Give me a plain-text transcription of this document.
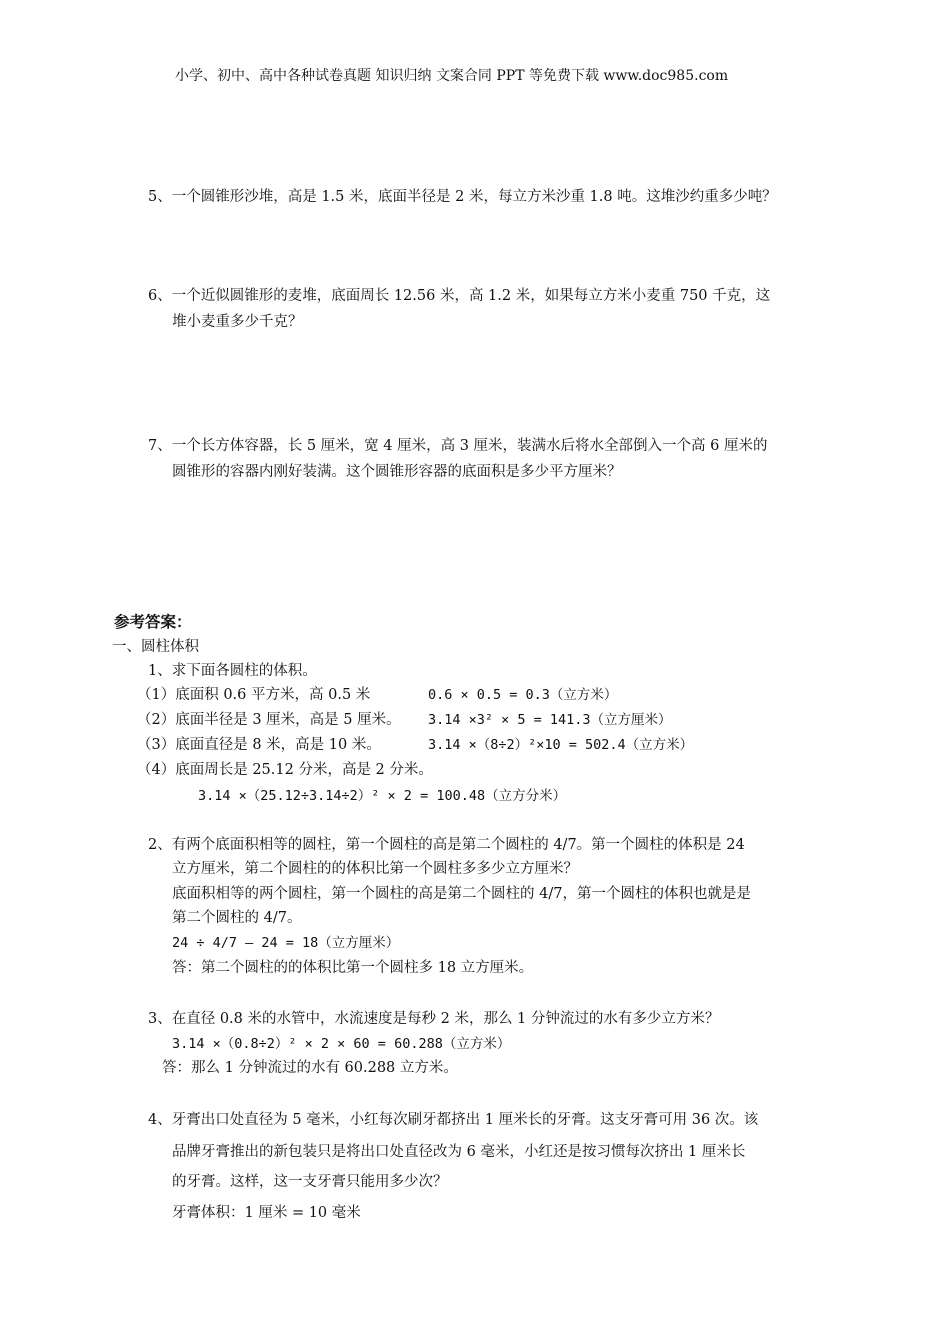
小学、初中、高中各种试卷真题 知识归纳 文案合同 PPT 等免费下载 www.doc985.com
5、一个圆锥形沙堆，高是 1.5 米，底面半径是 2 米，每立方米沙重 1.8 吨。这堆沙约重多少吨？
6、一个近似圆锥形的麦堆，底面周长 12.56 米，高 1.2 米，如果每立方米小麦重 750 千克，这
堆小麦重多少千克？
7、一个长方体容器，长 5 厘米，宽 4 厘米，高 3 厘米，装满水后将水全部倒入一个高 6 厘米的
圆锥形的容器内刚好装满。这个圆锥形容器的底面积是多少平方厘米？
参考答案：
一、圆柱体积
1、求下面各圆柱的体积。
（1）底面积 0.6 平方米，高 0.5 米	0.6 × 0.5 = 0.3（立方米）
（2）底面半径是 3 厘米，高是 5 厘米。 3.14 ×3² × 5 = 141.3（立方厘米）
（3）底面直径是 8 米，高是 10 米。	3.14 ×（8÷2）²×10 = 502.4（立方米）
（4）底面周长是 25.12 分米，高是 2 分米。
3.14 ×（25.12÷3.14÷2）² × 2 = 100.48（立方分米）
2、有两个底面积相等的圆柱，第一个圆柱的高是第二个圆柱的 4/7。第一个圆柱的体积是 24
立方厘米，第二个圆柱的的体积比第一个圆柱多多少立方厘米？
底面积相等的两个圆柱，第一个圆柱的高是第二个圆柱的 4/7，第一个圆柱的体积也就是是
第二个圆柱的 4/7。
24 ÷ 4/7 – 24 = 18（立方厘米）
答：第二个圆柱的的体积比第一个圆柱多 18 立方厘米。
3、在直径 0.8 米的水管中，水流速度是每秒 2 米，那么 1 分钟流过的水有多少立方米？
3.14 ×（0.8÷2）² × 2 × 60 = 60.288（立方米）
答：那么 1 分钟流过的水有 60.288 立方米。
4、牙膏出口处直径为 5 毫米，小红每次刷牙都挤出 1 厘米长的牙膏。这支牙膏可用 36 次。该
品牌牙膏推出的新包装只是将出口处直径改为 6 毫米，小红还是按习惯每次挤出 1 厘米长
的牙膏。这样，这一支牙膏只能用多少次？
牙膏体积：1 厘米 = 10 毫米
